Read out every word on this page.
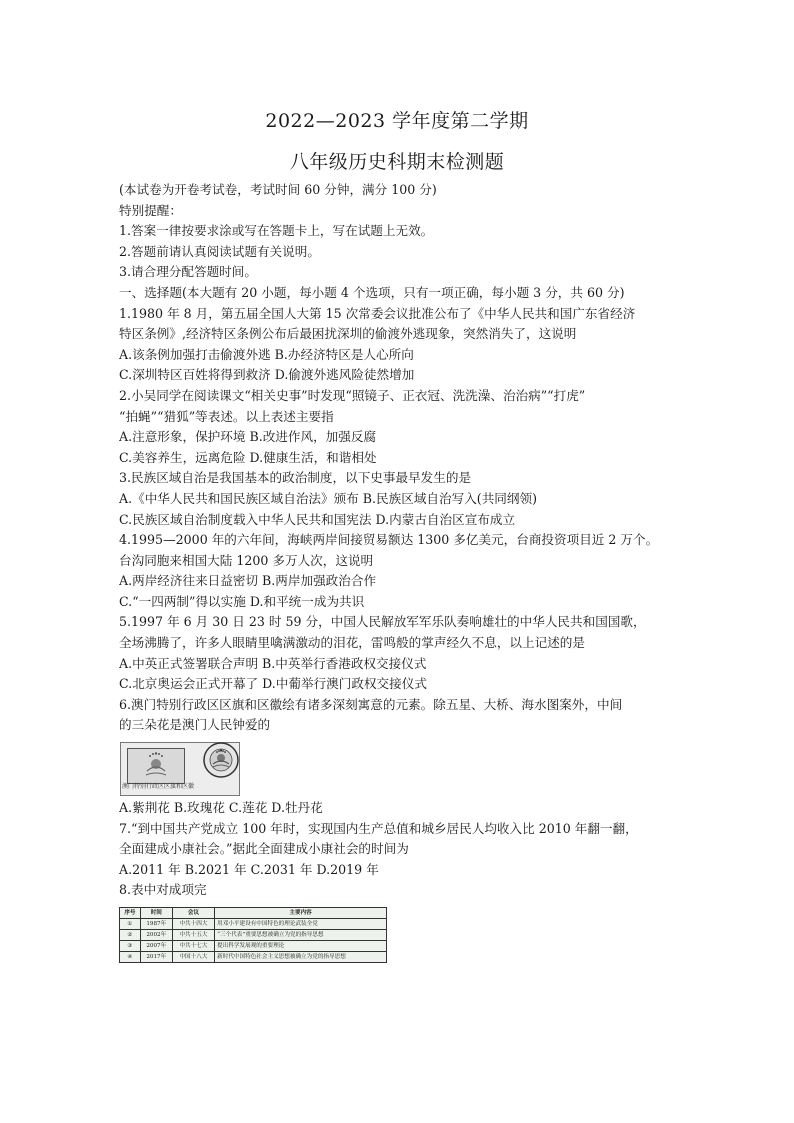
2022—2023 学年度第二学期
八年级历史科期末检测题
(本试卷为开卷考试卷，考试时间 60 分钟，满分 100 分)
特别提醒：
1.答案一律按要求涂或写在答题卡上，写在试题上无效。
2.答题前请认真阅读试题有关说明。
3.请合理分配答题时间。
一、选择题(本大题有 20 小题，每小题 4 个选项，只有一项正确，每小题 3 分，共 60 分)
1.1980 年 8 月，第五届全国人大第 15 次常委会议批准公布了《中华人民共和国广东省经济
特区条例》,经济特区条例公布后最困扰深圳的偷渡外逃现象，突然消失了，这说明
A.该条例加强打击偷渡外逃 B.办经济特区是人心所向
C.深圳特区百姓将得到救济 D.偷渡外逃风险徒然增加
2.小吴同学在阅读课文“相关史事”时发现“照镜子、正衣冠、洗洗澡、治治病”“打虎”
“拍蝇”“猎狐”等表述。以上表述主要指
A.注意形象，保护环境 B.改进作风，加强反腐
C.美容养生，远离危险 D.健康生活，和谐相处
3.民族区域自治是我国基本的政治制度，以下史事最早发生的是
A.《中华人民共和国民族区域自治法》颁布 B.民族区域自治写入(共同纲领)
C.民族区域自治制度载入中华人民共和国宪法 D.内蒙古自治区宣布成立
4.1995—2000 年的六年间，海峡两岸间接贸易额达 1300 多亿美元，台商投资项目近 2 万个。
台沟同胞来相国大陆 1200 多万人次，这说明
A.两岸经济往来日益密切 B.两岸加强政治合作
C.“一四两制”得以实施 D.和平统一成为共识
5.1997 年 6 月 30 日 23 时 59 分，中国人民解放军军乐队奏响雄壮的中华人民共和国国歌，
全场沸腾了，许多人眼睛里噙满激动的泪花，雷鸣般的掌声经久不息，以上记述的是
A.中英正式签署联合声明 B.中英举行香港政权交接仪式
C.北京奥运会正式开幕了 D.中葡举行澳门政权交接仪式
6.澳门特别行政区区旗和区徽绘有诸多深刻寓意的元素。除五星、大桥、海水图案外，中间
的三朵花是澳门人民钟爱的
澳门特别行政区区旗和区徽
A.紫荆花 B.玫瑰花 C.莲花 D.牡丹花
7.“到中国共产党成立 100 年时，实现国内生产总值和城乡居民人均收入比 2010 年翻一翻，
全面建成小康社会。”据此全面建成小康社会的时间为
A.2011 年 B.2021 年 C.2031 年 D.2019 年
8.表中对成项完
序号	时间	会议	主要内容
①	1987年	中共十四大	用邓小平建设有中国特色的理论武装全党
②	2002年	中共十五大	“三个代表”重要思想被确立为党的指导思想
③	2007年	中共十七大	提出科学发展观的重要理论
④	2017年	中国十八大	新时代中国特色社会主义思想被确立为党的指导思想
